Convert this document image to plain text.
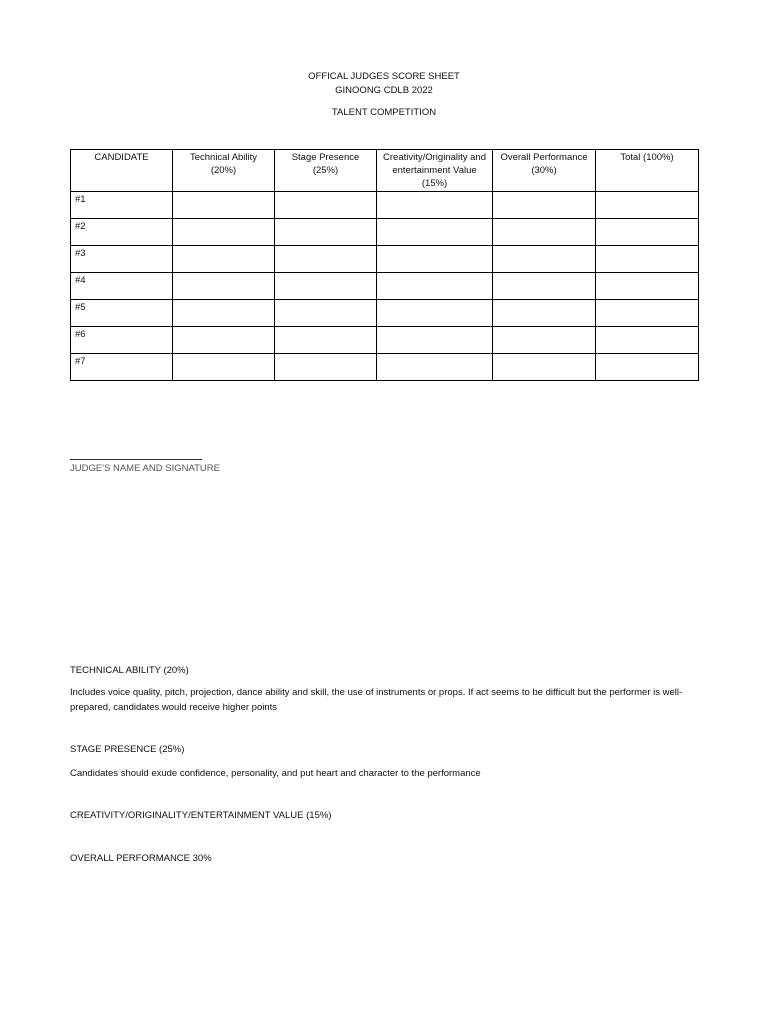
OFFICAL JUDGES SCORE SHEET
GINOONG CDLB 2022
TALENT COMPETITION
CANDIDATE	Technical Ability (20%)	Stage Presence (25%)	Creativity/Originality and entertainment Value (15%)	Overall Performance (30%)	Total (100%)
#1					
#2					
#3					
#4					
#5					
#6					
#7					
JUDGE'S NAME AND SIGNATURE
TECHNICAL ABILITY (20%)
Includes voice quality, pitch, projection, dance ability and skill, the use of instruments or props. If act seems to be difficult but the performer is well-prepared, candidates would receive higher points
STAGE PRESENCE (25%)
Candidates should exude confidence, personality, and put heart and character to the performance
CREATIVITY/ORIGINALITY/ENTERTAINMENT VALUE (15%)
OVERALL PERFORMANCE 30%
